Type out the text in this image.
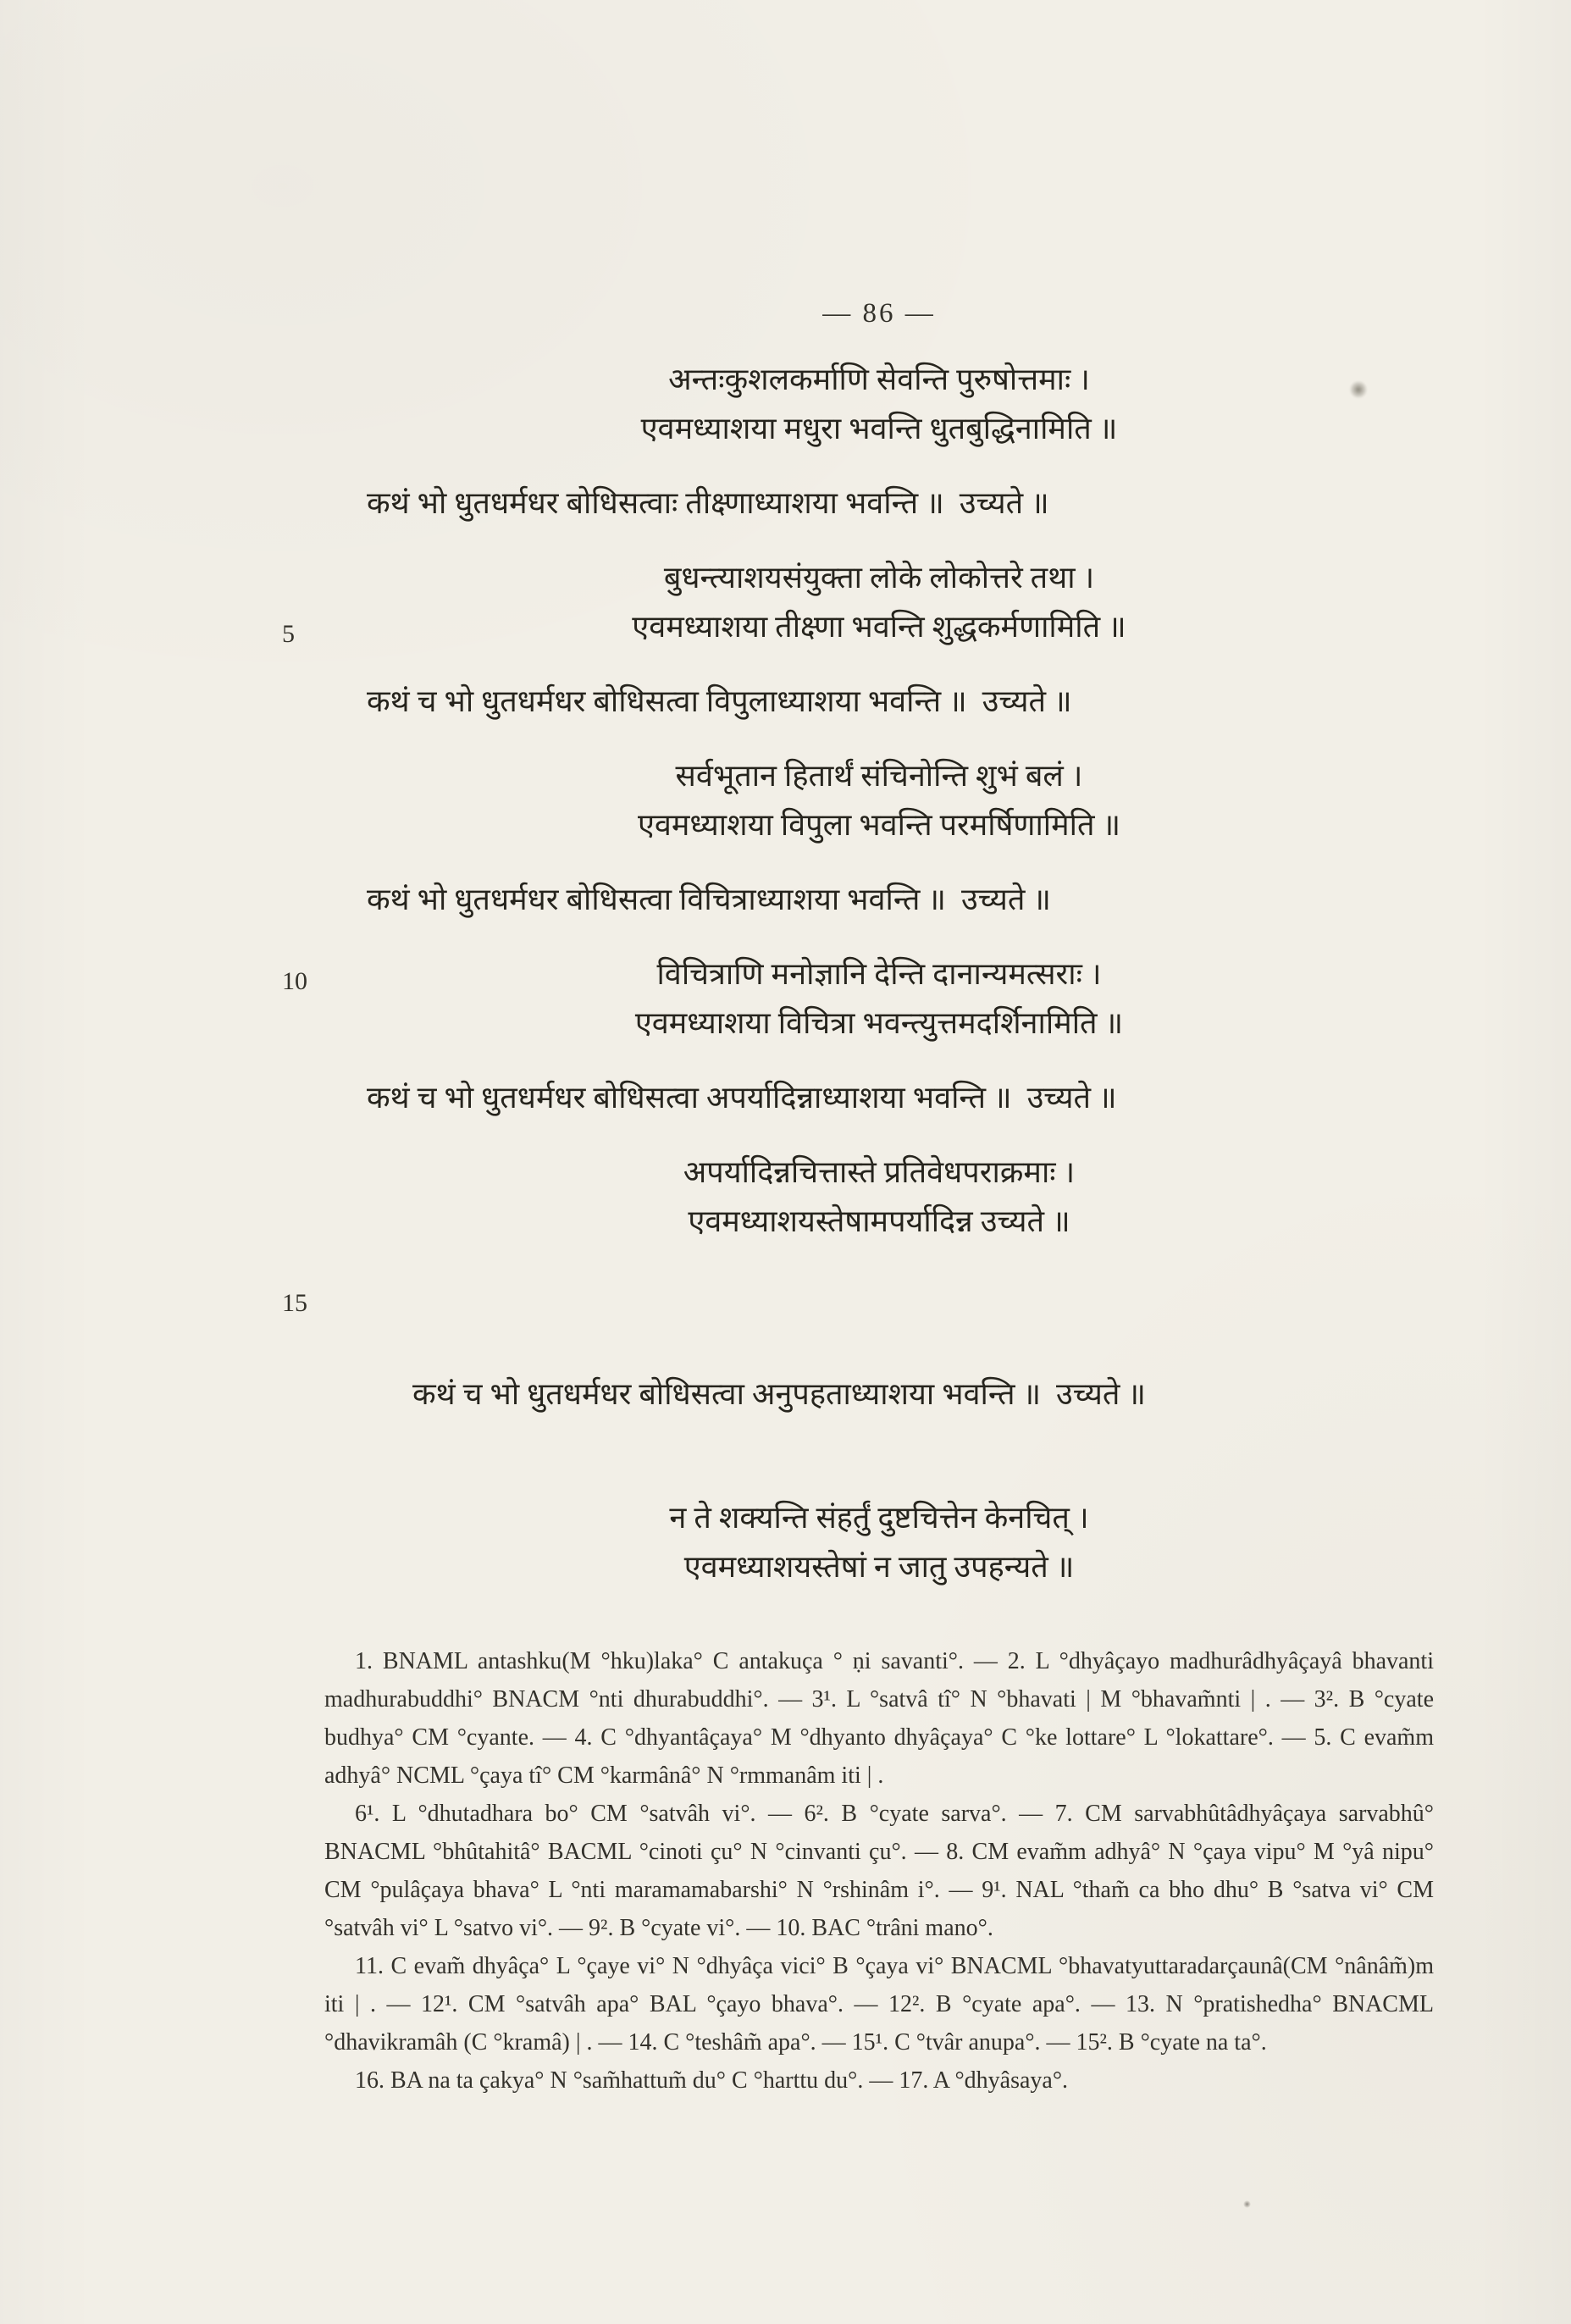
— 86 —
अन्तःकुशलकर्माणि सेवन्ति पुरुषोत्तमाः ।
एवमध्याशया मधुरा भवन्ति धुतबुद्धिनामिति ॥
कथं भो धुतधर्मधर बोधिसत्वाः तीक्ष्णाध्याशया भवन्ति ॥  उच्यते ॥
बुधन्त्याशयसंयुक्ता लोके लोकोत्तरे तथा ।
5	एवमध्याशया तीक्ष्णा भवन्ति शुद्धकर्मणामिति ॥
कथं च भो धुतधर्मधर बोधिसत्वा विपुलाध्याशया भवन्ति ॥  उच्यते ॥
सर्वभूतान हितार्थं संचिनोन्ति शुभं बलं ।
एवमध्याशया विपुला भवन्ति परमर्षिणामिति ॥
कथं भो धुतधर्मधर बोधिसत्वा विचित्राध्याशया भवन्ति ॥  उच्यते ॥
10	विचित्राणि मनोज्ञानि देन्ति दानान्यमत्सराः ।
एवमध्याशया विचित्रा भवन्त्युत्तमदर्शिनामिति ॥
कथं च भो धुतधर्मधर बोधिसत्वा अपर्यादिन्नाध्याशया भवन्ति ॥  उच्यते ॥
अपर्यादिन्नचित्तास्ते प्रतिवेधपराक्रमाः ।
एवमध्याशयस्तेषामपर्यादिन्न उच्यते ॥

15

कथं च भो धुतधर्मधर बोधिसत्वा अनुपहताध्याशया भवन्ति ॥  उच्यते ॥

न ते शक्यन्ति संहर्तुं दुष्टचित्तेन केनचित् ।
एवमध्याशयस्तेषां न जातु उपहन्यते ॥

1. BNAML antashku(M °hku)laka° C antakuça ° ṇi savanti°. — 2. L °dhyâçayo madhurâdhyâçayâ bhavanti madhurabuddhi° BNACM °nti dhurabuddhi°. — 3¹. L °satvâ tî° N °bhavati | M °bhavam̃nti | . — 3². B °cyate budhya° CM °cyante. — 4. C °dhyantâçaya° M °dhyanto dhyâçaya° C °ke lottare° L °lokattare°. — 5. C evam̃m adhyâ° NCML °çaya tî° CM °karmânâ° N °rmmanâm iti | .

6¹. L °dhutadhara bo° CM °satvâh vi°. — 6². B °cyate sarva°. — 7. CM sarvabhûtâdhyâçaya sarvabhû° BNACML °bhûtahitâ° BACML °cinoti çu° N °cinvanti çu°. — 8. CM evam̃m adhyâ° N °çaya vipu° M °yâ nipu° CM °pulâçaya bhava° L °nti maramamabarshi° N °rshinâm i°. — 9¹. NAL °tham̃ ca bho dhu° B °satva vi° CM °satvâh vi° L °satvo vi°. — 9². B °cyate vi°. — 10. BAC °trâni mano°.

11. C evam̃ dhyâça° L °çaye vi° N °dhyâça vici° B °çaya vi° BNACML °bhavatyuttaradarçaunâ(CM °nânâm̃)m iti | . — 12¹. CM °satvâh apa° BAL °çayo bhava°. — 12². B °cyate apa°. — 13. N °pratishedha° BNACML °dhavikramâh (C °kramâ) | . — 14. C °teshâm̃ apa°. — 15¹. C °tvâr anupa°. — 15². B °cyate na ta°.

16. BA na ta çakya° N °sam̃hattum̃ du° C °harttu du°. — 17. A °dhyâsaya°.
